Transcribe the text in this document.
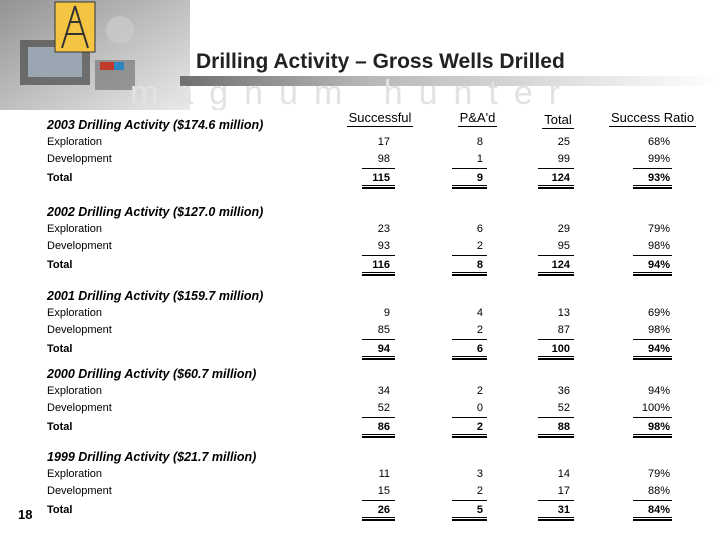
magnum hunter
Drilling Activity – Gross Wells Drilled
Successful	P&A'd	Total	Success Ratio
2003 Drilling Activity ($174.6 million)
Exploration	17	8	25	68%
Development	98	1	99	99%
Total	115	9	124	93%
2002 Drilling Activity ($127.0 million)
Exploration	23	6	29	79%
Development	93	2	95	98%
Total	116	8	124	94%
2001 Drilling Activity ($159.7 million)
Exploration	9	4	13	69%
Development	85	2	87	98%
Total	94	6	100	94%
2000 Drilling Activity ($60.7 million)
Exploration	34	2	36	94%
Development	52	0	52	100%
Total	86	2	88	98%
1999 Drilling Activity ($21.7 million)
Exploration	11	3	14	79%
Development	15	2	17	88%
Total	26	5	31	84%
18
